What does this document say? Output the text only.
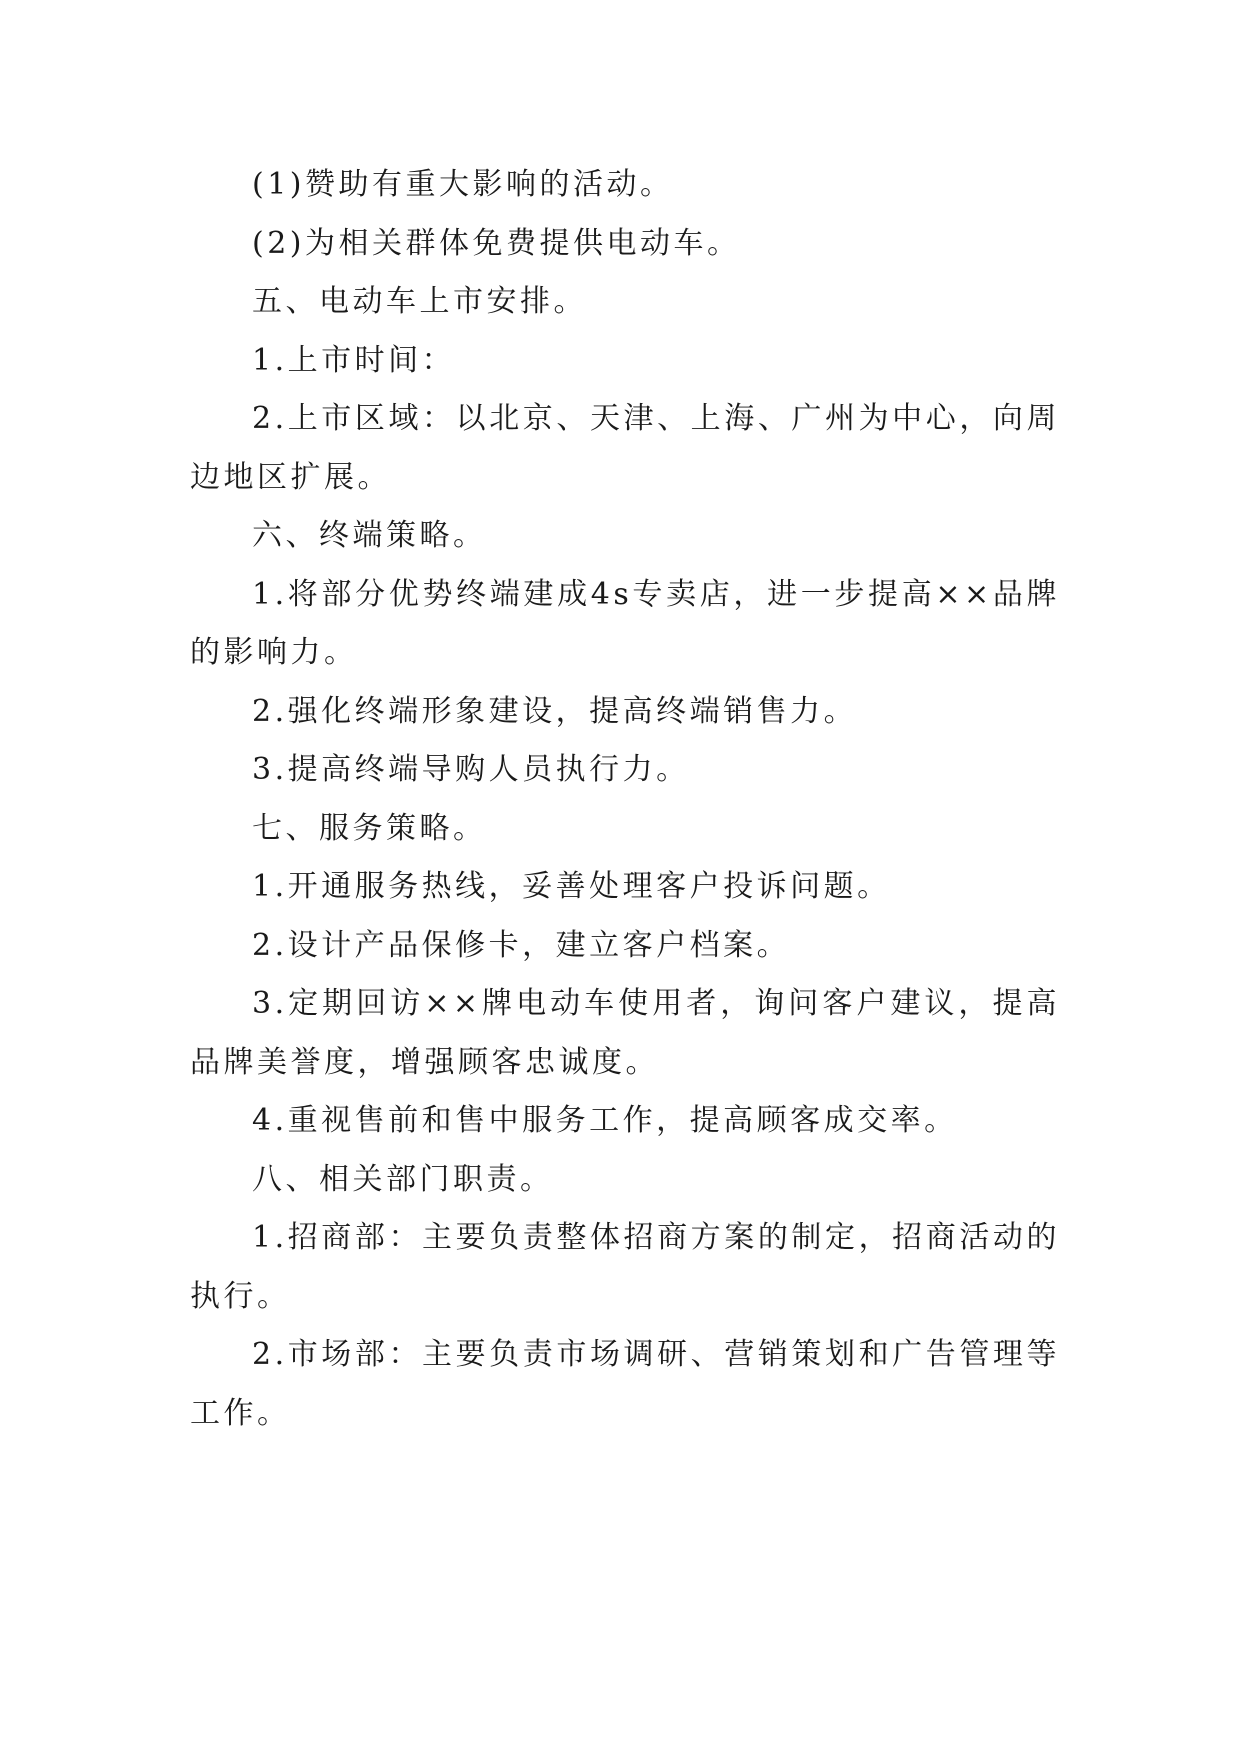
(1)赞助有重大影响的活动。

(2)为相关群体免费提供电动车。

五、电动车上市安排。

1.上市时间：

2.上市区域：以北京、天津、上海、广州为中心，向周边地区扩展。

六、终端策略。

1.将部分优势终端建成4s专卖店，进一步提高××品牌的影响力。

2.强化终端形象建设，提高终端销售力。

3.提高终端导购人员执行力。

七、服务策略。

1.开通服务热线，妥善处理客户投诉问题。

2.设计产品保修卡，建立客户档案。

3.定期回访××牌电动车使用者，询问客户建议，提高品牌美誉度，增强顾客忠诚度。

4.重视售前和售中服务工作，提高顾客成交率。

八、相关部门职责。

1.招商部：主要负责整体招商方案的制定，招商活动的执行。

2.市场部：主要负责市场调研、营销策划和广告管理等工作。
